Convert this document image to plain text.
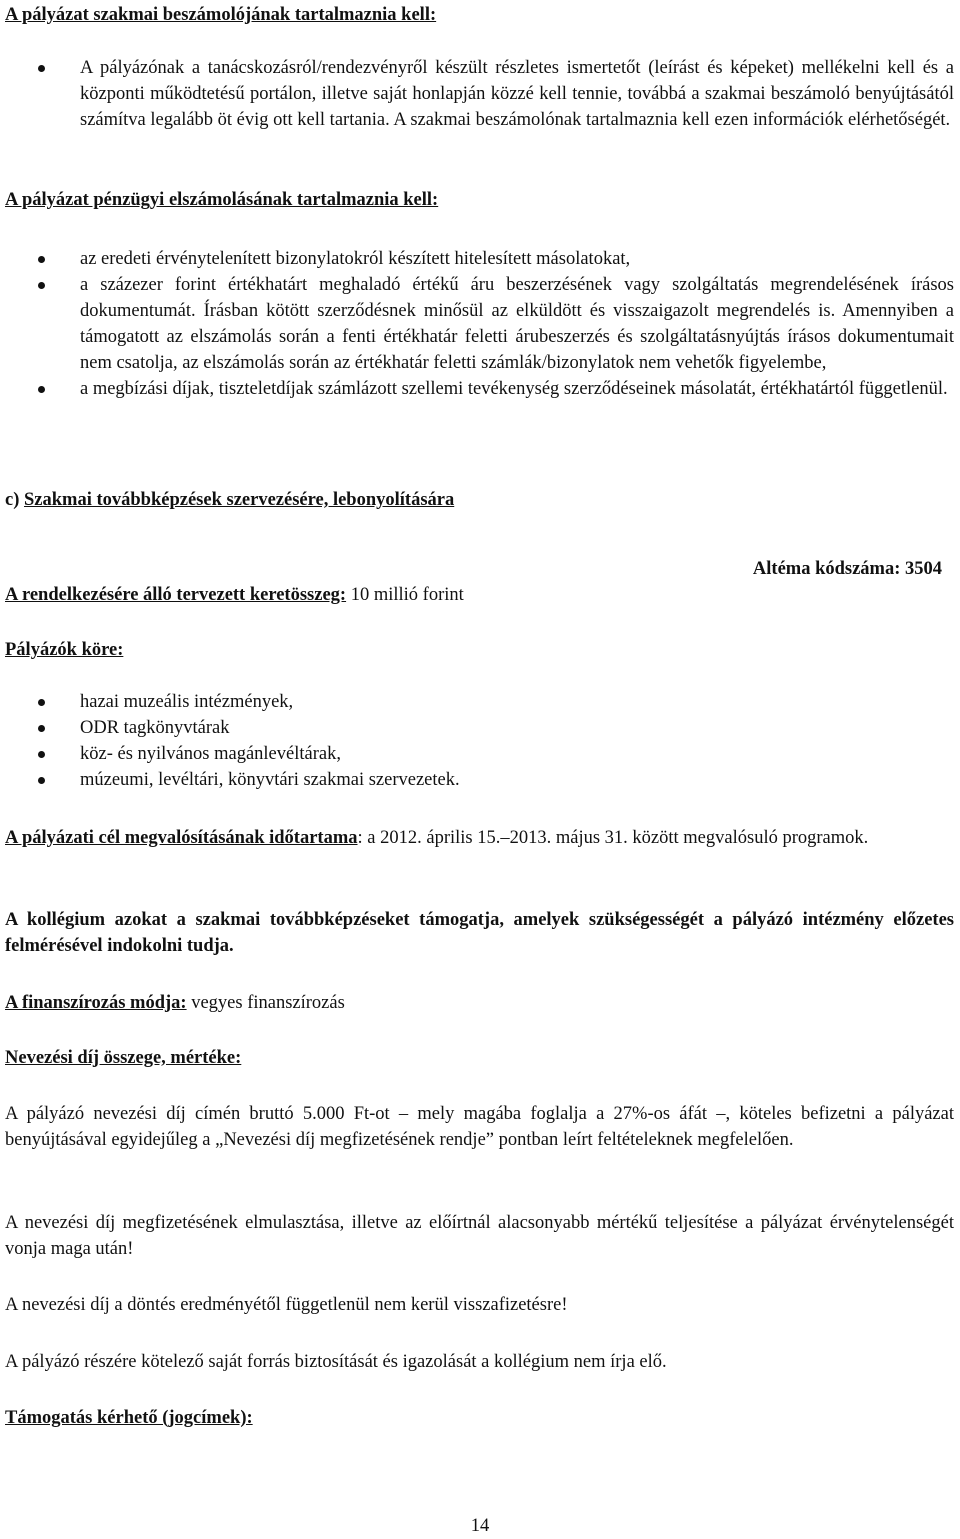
A pályázat szakmai beszámolójának tartalmaznia kell:

A pályázónak a tanácskozásról/rendezvényről készült részletes ismertetőt (leírást és képeket) mellékelni kell és a központi működtetésű portálon, illetve saját honlapján közzé kell tennie, továbbá a szakmai beszámoló benyújtásától számítva legalább öt évig ott kell tartania. A szakmai beszámolónak tartalmaznia kell ezen információk elérhetőségét.

A pályázat pénzügyi elszámolásának tartalmaznia kell:

az eredeti érvénytelenített bizonylatokról készített hitelesített másolatokat,
a százezer forint értékhatárt meghaladó értékű áru beszerzésének vagy szolgáltatás megrendelésének írásos dokumentumát. Írásban kötött szerződésnek minősül az elküldött és visszaigazolt megrendelés is. Amennyiben a támogatott az elszámolás során a fenti értékhatár feletti árubeszerzés és szolgáltatásnyújtás írásos dokumentumait nem csatolja, az elszámolás során az értékhatár feletti számlák/bizonylatok nem vehetők figyelembe,
a megbízási díjak, tiszteletdíjak számlázott szellemi tevékenység szerződéseinek másolatát, értékhatártól függetlenül.

c) Szakmai továbbképzések szervezésére, lebonyolítására

Altéma kódszáma: 3504

A rendelkezésére álló tervezett keretösszeg: 10 millió forint

Pályázók köre:

hazai muzeális intézmények,
ODR tagkönyvtárak
köz- és nyilvános magánlevéltárak,
múzeumi, levéltári, könyvtári szakmai szervezetek.

A pályázati cél megvalósításának időtartama: a 2012. április 15.–2013. május 31. között megvalósuló programok.

A kollégium azokat a szakmai továbbképzéseket támogatja, amelyek szükségességét a pályázó intézmény előzetes felmérésével indokolni tudja.

A finanszírozás módja: vegyes finanszírozás

Nevezési díj összege, mértéke:

A pályázó nevezési díj címén bruttó 5.000 Ft-ot – mely magába foglalja a 27%-os áfát –, köteles befizetni a pályázat benyújtásával egyidejűleg a „Nevezési díj megfizetésének rendje” pontban leírt feltételeknek megfelelően.

A nevezési díj megfizetésének elmulasztása, illetve az előírtnál alacsonyabb mértékű teljesítése a pályázat érvénytelenségét vonja maga után!

A nevezési díj a döntés eredményétől függetlenül nem kerül visszafizetésre!

A pályázó részére kötelező saját forrás biztosítását és igazolását a kollégium nem írja elő.

Támogatás kérhető (jogcímek):

14
